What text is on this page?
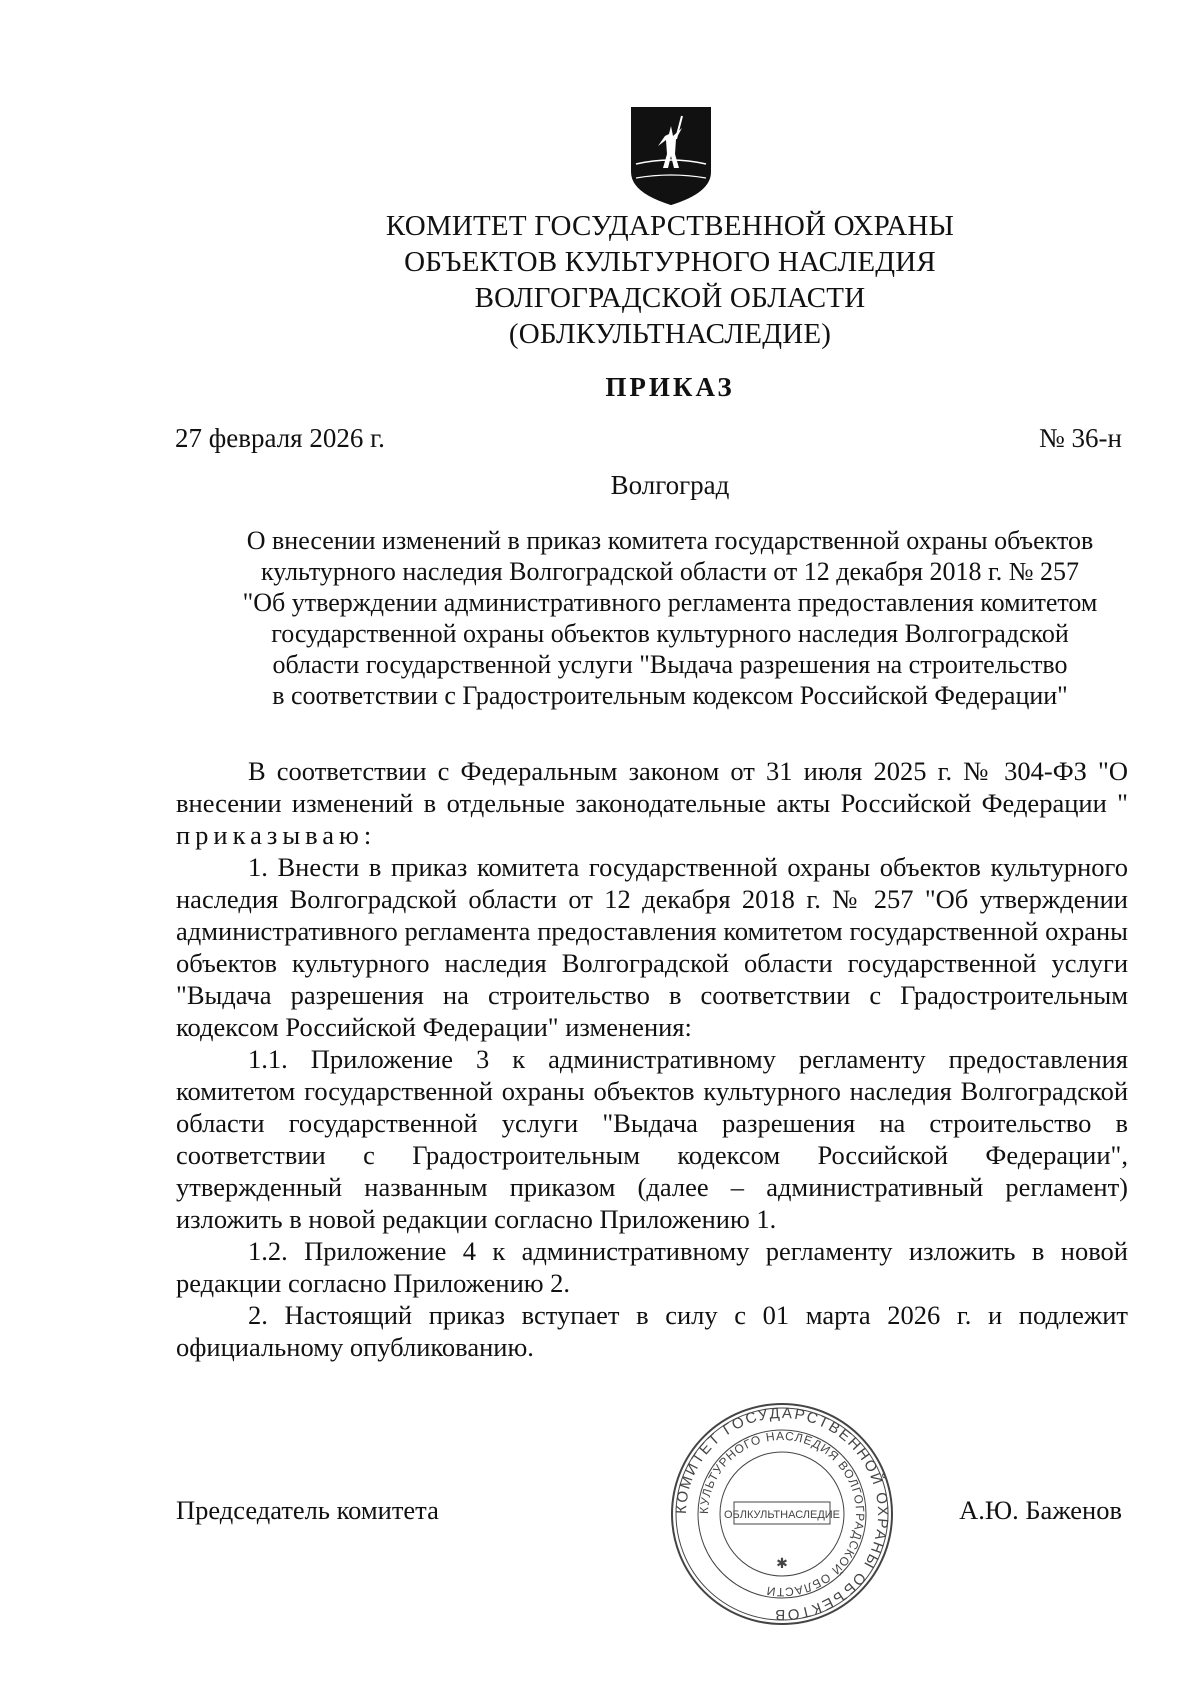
КОМИТЕТ ГОСУДАРСТВЕННОЙ ОХРАНЫ
ОБЪЕКТОВ КУЛЬТУРНОГО НАСЛЕДИЯ
ВОЛГОГРАДСКОЙ ОБЛАСТИ
(ОБЛКУЛЬТНАСЛЕДИЕ)
ПРИКАЗ
27 февраля 2026 г.	№ 36-н
Волгоград
О внесении изменений в приказ комитета государственной охраны объектов
культурного наследия Волгоградской области от 12 декабря 2018 г. № 257
"Об утверждении административного регламента предоставления комитетом
государственной охраны объектов культурного наследия Волгоградской
области государственной услуги "Выдача разрешения на строительство
в соответствии с Градостроительным кодексом Российской Федерации"

В соответствии с Федеральным законом от 31 июля 2025 г. № 304-ФЗ "О внесении изменений в отдельные законодательные акты Российской Федерации " приказываю:

1. Внести в приказ комитета государственной охраны объектов культурного наследия Волгоградской области от 12 декабря 2018 г. № 257 "Об утверждении административного регламента предоставления комитетом государственной охраны объектов культурного наследия Волгоградской области государственной услуги "Выдача разрешения на строительство в соответствии с Градостроительным кодексом Российской Федерации" изменения:

1.1. Приложение 3 к административному регламенту предоставления комитетом государственной охраны объектов культурного наследия Волгоградской области государственной услуги "Выдача разрешения на строительство в соответствии с Градостроительным кодексом Российской Федерации", утвержденный названным приказом (далее – административный регламент) изложить в новой редакции согласно Приложению 1.

1.2. Приложение 4 к административному регламенту изложить в новой редакции согласно Приложению 2.

2. Настоящий приказ вступает в силу с 01 марта 2026 г. и подлежит официальному опубликованию.

Председатель комитета	А.Ю. Баженов
КОМИТЕТ ГОСУДАРСТВЕННОЙ ОХРАНЫ ОБЪЕКТОВ
КУЛЬТУРНОГО НАСЛЕДИЯ ВОЛГОГРАДСКОЙ ОБЛАСТИ
ОБЛКУЛЬТНАСЛЕДИЕ
✱
